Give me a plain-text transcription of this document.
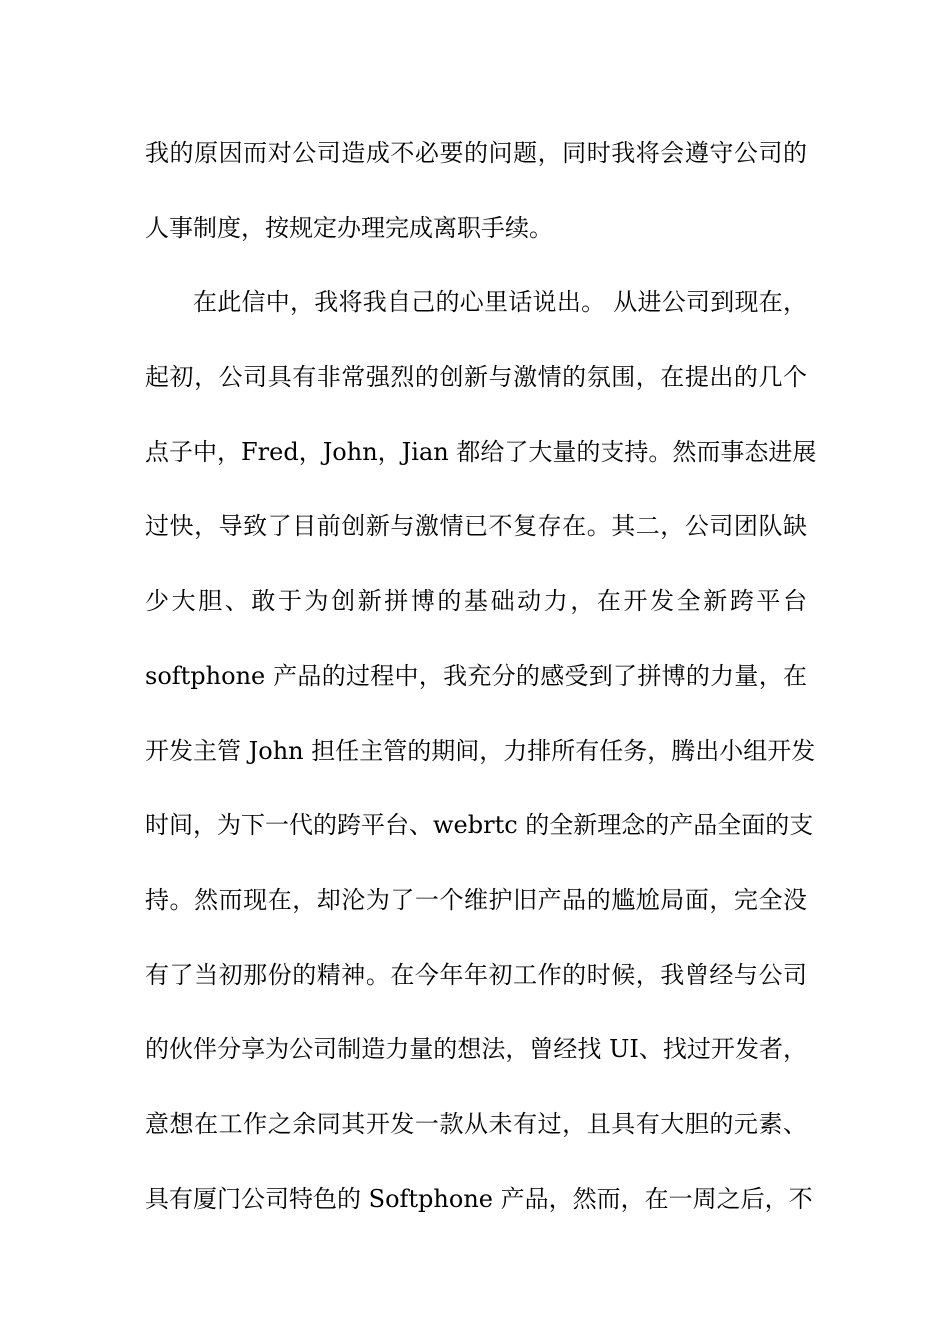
我的原因而对公司造成不必要的问题，同时我将会遵守公司的
人事制度，按规定办理完成离职手续。
在此信中，我将我自己的心里话说出。 从进公司到现在，
起初，公司具有非常强烈的创新与激情的氛围，在提出的几个
点子中，Fred，John，Jian 都给了大量的支持。然而事态进展
过快，导致了目前创新与激情已不复存在。其二，公司团队缺
少大胆、敢于为创新拼博的基础动力，在开发全新跨平台
softphone 产品的过程中，我充分的感受到了拼博的力量，在
开发主管 John 担任主管的期间，力排所有任务，腾出小组开发
时间，为下一代的跨平台、webrtc 的全新理念的产品全面的支
持。然而现在，却沦为了一个维护旧产品的尴尬局面，完全没
有了当初那份的精神。在今年年初工作的时候，我曾经与公司
的伙伴分享为公司制造力量的想法，曾经找 UI、找过开发者，
意想在工作之余同其开发一款从未有过，且具有大胆的元素、
具有厦门公司特色的 Softphone 产品，然而，在一周之后，不
